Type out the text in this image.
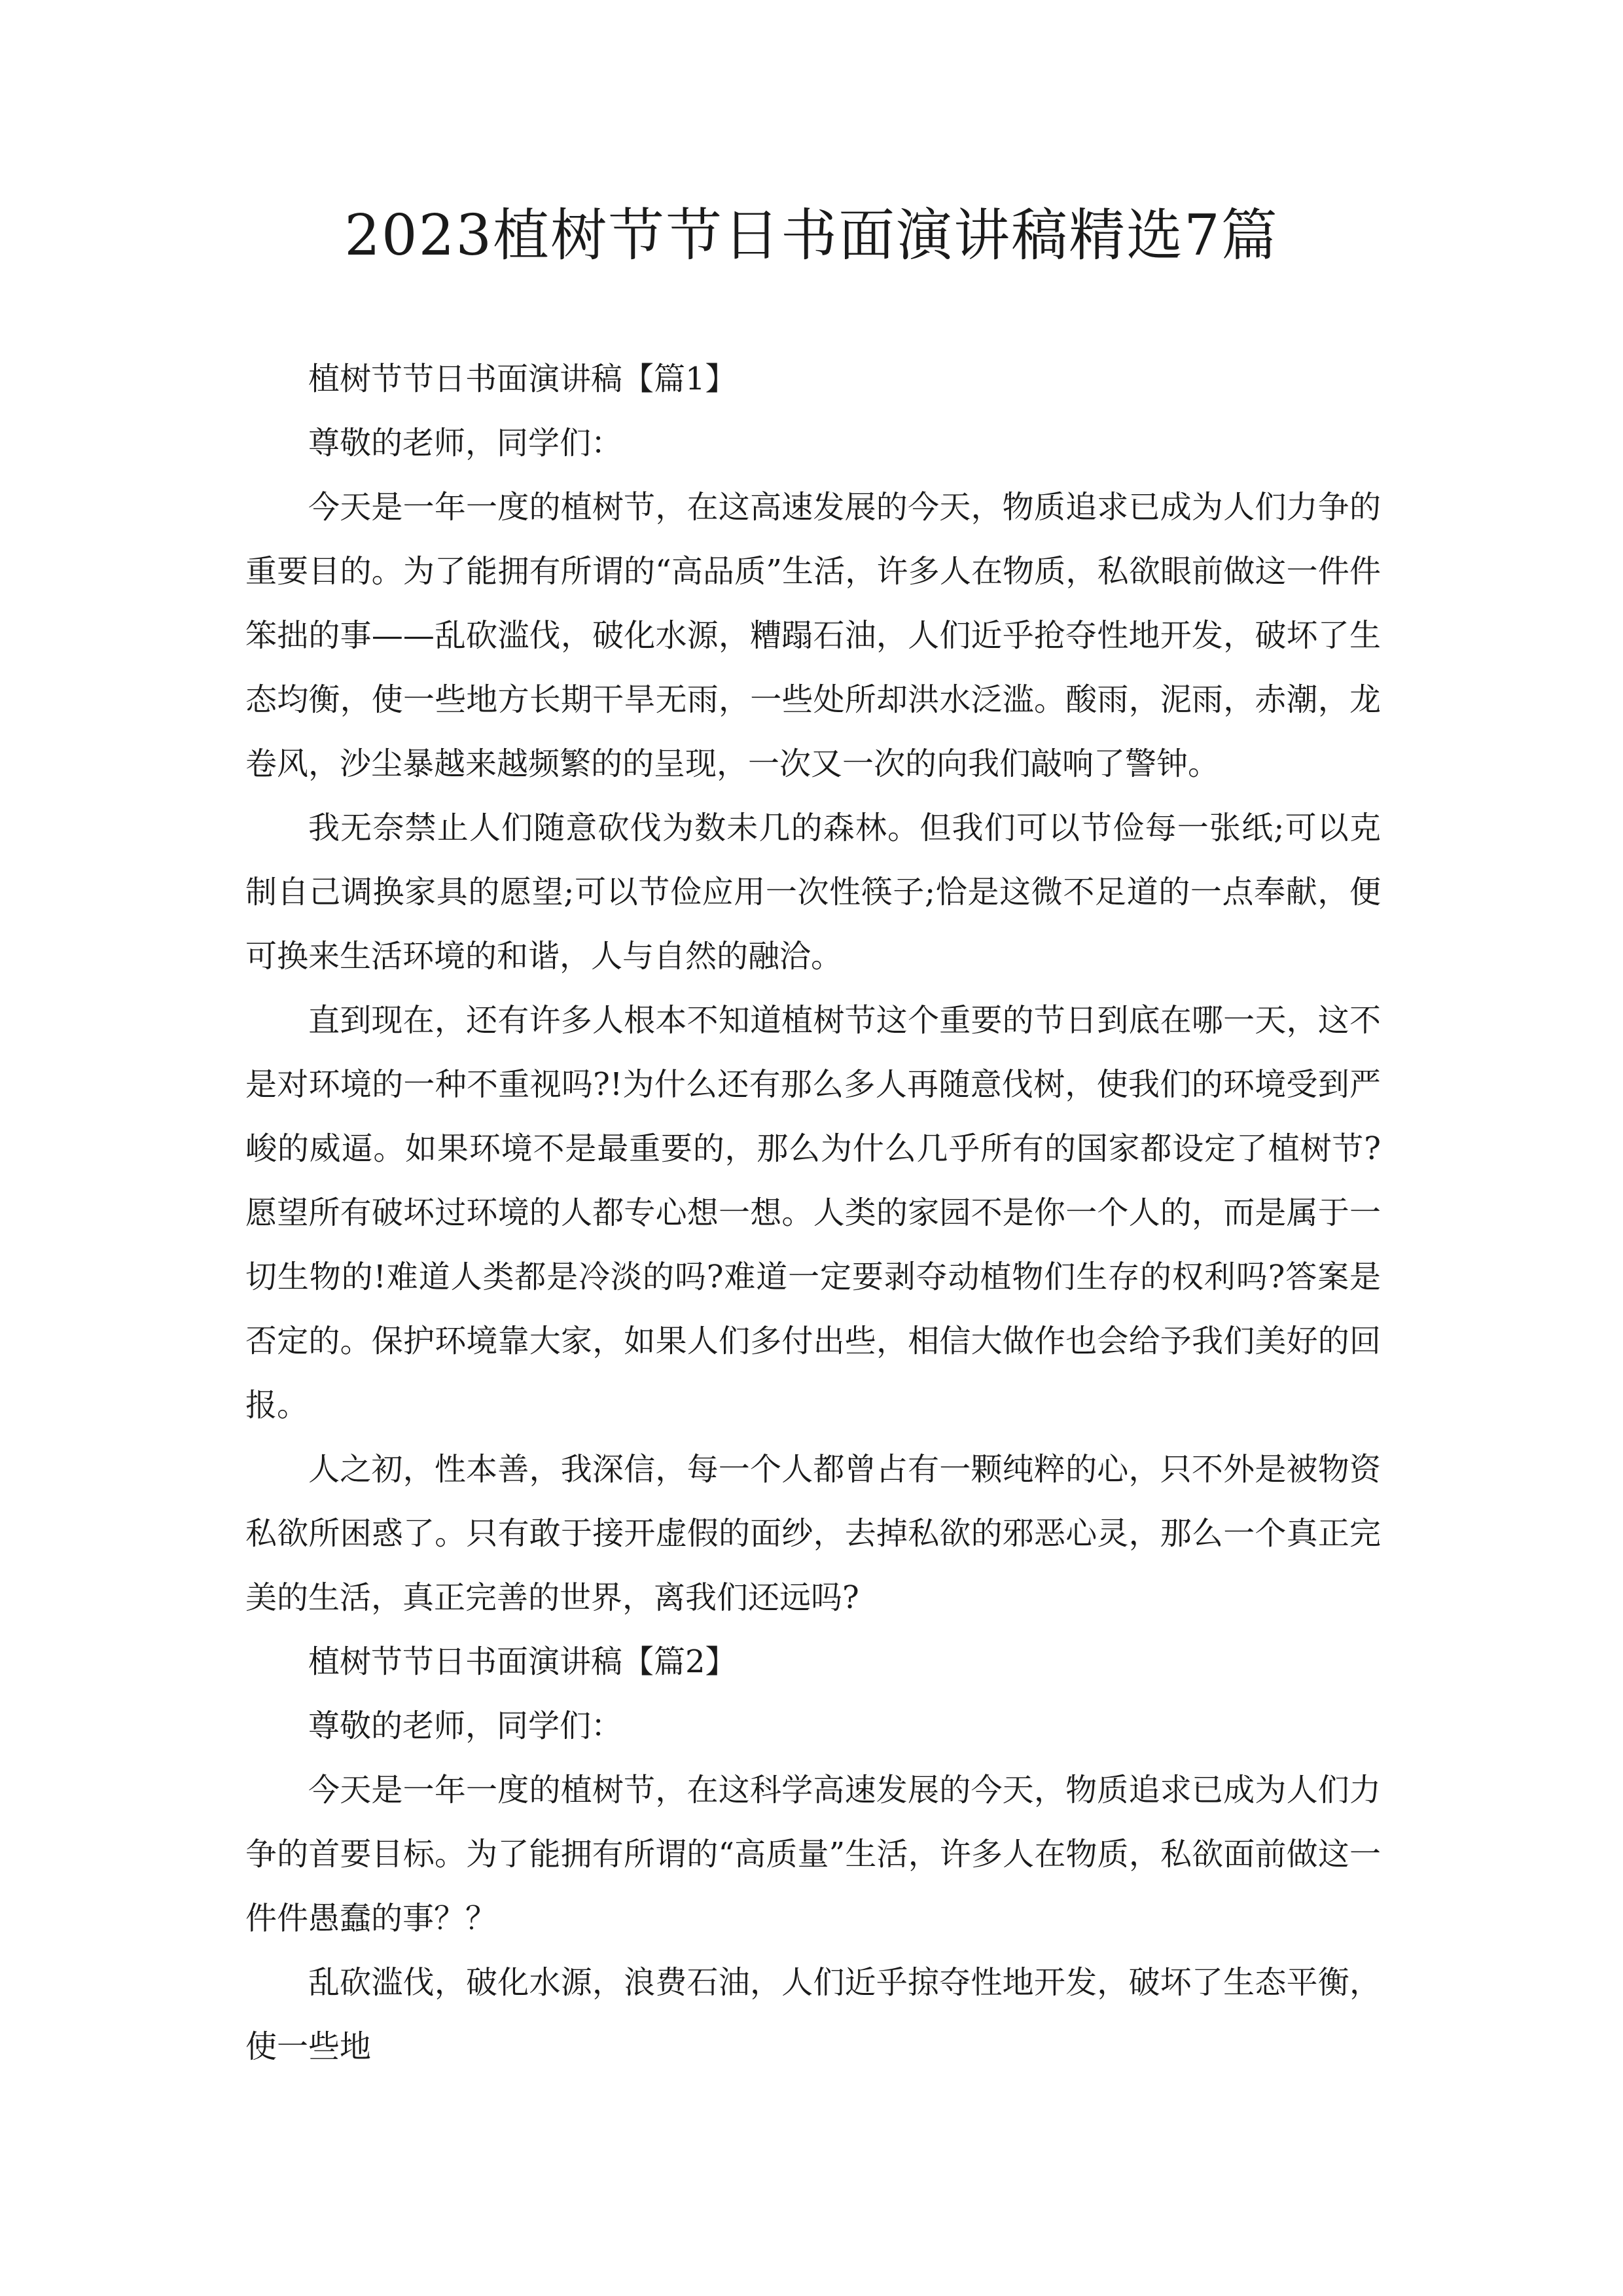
2023植树节节日书面演讲稿精选7篇

植树节节日书面演讲稿【篇1】

尊敬的老师，同学们：

今天是一年一度的植树节，在这高速发展的今天，物质追求已成为人们力争的重要目的。为了能拥有所谓的“高品质”生活，许多人在物质，私欲眼前做这一件件笨拙的事——乱砍滥伐，破化水源，糟蹋石油，人们近乎抢夺性地开发，破坏了生态均衡，使一些地方长期干旱无雨，一些处所却洪水泛滥。酸雨，泥雨，赤潮，龙卷风，沙尘暴越来越频繁的的呈现，一次又一次的向我们敲响了警钟。

我无奈禁止人们随意砍伐为数未几的森林。但我们可以节俭每一张纸;可以克制自己调换家具的愿望;可以节俭应用一次性筷子;恰是这微不足道的一点奉献，便可换来生活环境的和谐，人与自然的融洽。

直到现在，还有许多人根本不知道植树节这个重要的节日到底在哪一天，这不是对环境的一种不重视吗?!为什么还有那么多人再随意伐树，使我们的环境受到严峻的威逼。如果环境不是最重要的，那么为什么几乎所有的国家都设定了植树节?愿望所有破坏过环境的人都专心想一想。人类的家园不是你一个人的，而是属于一切生物的!难道人类都是冷淡的吗?难道一定要剥夺动植物们生存的权利吗?答案是否定的。保护环境靠大家，如果人们多付出些，相信大做作也会给予我们美好的回报。

人之初，性本善，我深信，每一个人都曾占有一颗纯粹的心，只不外是被物资私欲所困惑了。只有敢于接开虚假的面纱，去掉私欲的邪恶心灵，那么一个真正完美的生活，真正完善的世界，离我们还远吗?

植树节节日书面演讲稿【篇2】

尊敬的老师，同学们：

今天是一年一度的植树节，在这科学高速发展的今天，物质追求已成为人们力争的首要目标。为了能拥有所谓的“高质量”生活，许多人在物质，私欲面前做这一件件愚蠢的事？？

乱砍滥伐，破化水源，浪费石油，人们近乎掠夺性地开发，破坏了生态平衡，使一些地
